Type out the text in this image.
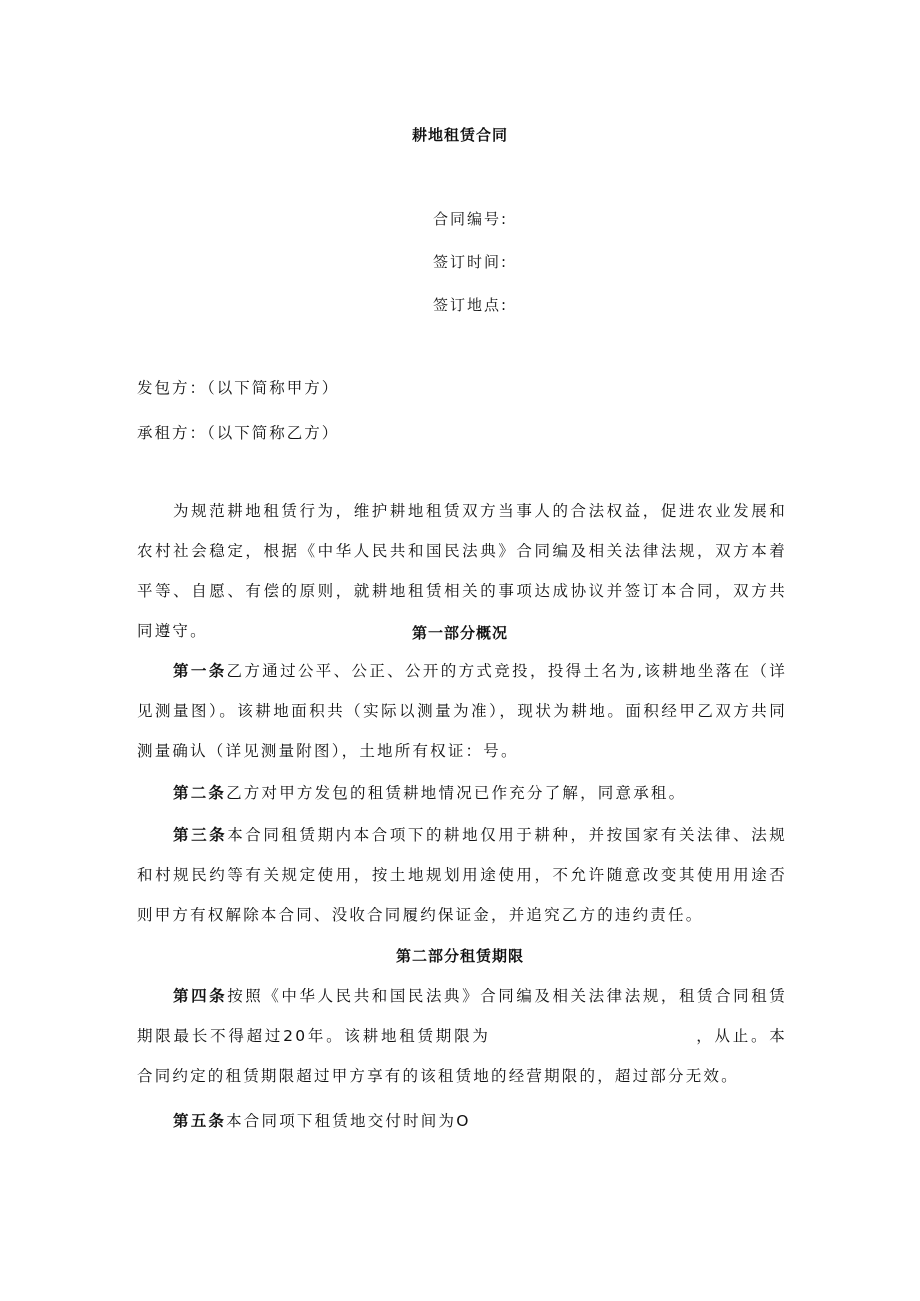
耕地租赁合同
合同编号:
签订时间:
签订地点:
发包方：（以下简称甲方）
承租方：（以下简称乙方）
为规范耕地租赁行为，维护耕地租赁双方当事人的合法权益，促进农业发展和农村社会稳定，根据《中华人民共和国民法典》合同编及相关法律法规，双方本着平等、自愿、有偿的原则，就耕地租赁相关的事项达成协议并签订本合同，双方共同遵守。	第一部分概况
第一条乙方通过公平、公正、公开的方式竞投，投得土名为,该耕地坐落在（详见测量图）。该耕地面积共（实际以测量为准），现状为耕地。面积经甲乙双方共同测量确认（详见测量附图），土地所有权证：号。
第二条乙方对甲方发包的租赁耕地情况已作充分了解，同意承租。
第三条本合同租赁期内本合项下的耕地仅用于耕种，并按国家有关法律、法规和村规民约等有关规定使用，按土地规划用途使用，不允许随意改变其使用用途否则甲方有权解除本合同、没收合同履约保证金，并追究乙方的违约责任。
第二部分租赁期限
第四条按照《中华人民共和国民法典》合同编及相关法律法规，租赁合同租赁期限最长不得超过20年。该耕地租赁期限为	，从止。本合同约定的租赁期限超过甲方享有的该租赁地的经营期限的，超过部分无效。
第五条本合同项下租赁地交付时间为O
